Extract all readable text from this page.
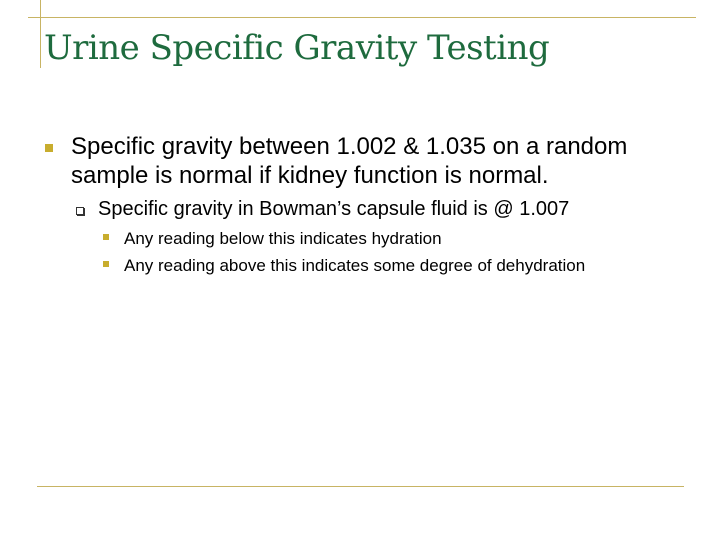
Urine Specific Gravity Testing
Specific gravity between 1.002 & 1.035 on a random sample is normal if kidney function is normal.
Specific gravity in Bowman’s capsule fluid is @ 1.007
Any reading below this indicates hydration
Any reading above this indicates some degree of dehydration
